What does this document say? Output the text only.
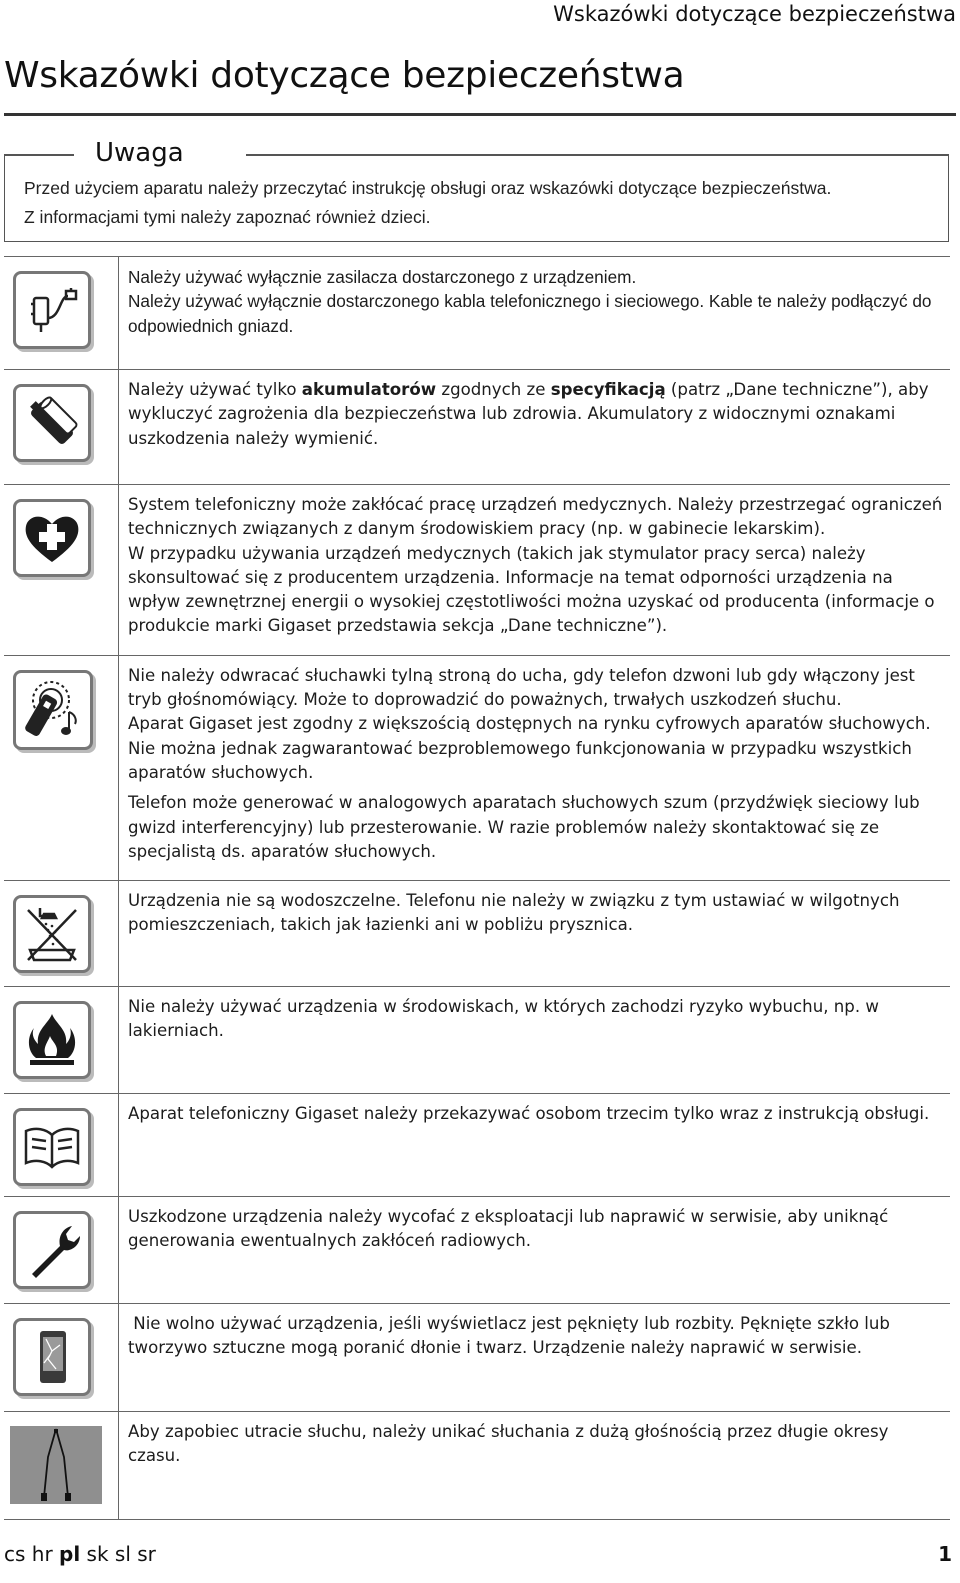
Wskazówki dotyczące bezpieczeństwa
Wskazówki dotyczące bezpieczeństwa
Uwaga

Przed użyciem aparatu należy przeczytać instrukcję obsługi oraz wskazówki dotyczące bezpieczeństwa.

Z informacjami tymi należy zapoznać również dzieci.

Należy używać wyłącznie zasilacza dostarczonego z urządzeniem.

Należy używać wyłącznie dostarczonego kabla telefonicznego i sieciowego. Kable te należy podłączyć do odpowiednich gniazd.

Należy używać tylko akumulatorów zgodnych ze specyfikacją (patrz „Dane techniczne”), aby wykluczyć zagrożenia dla bezpieczeństwa lub zdrowia. Akumulatory z widocznymi oznakami uszkodzenia należy wymienić.

System telefoniczny może zakłócać pracę urządzeń medycznych. Należy przestrzegać ograniczeń technicznych związanych z danym środowiskiem pracy (np. w gabinecie lekarskim).

W przypadku używania urządzeń medycznych (takich jak stymulator pracy serca) należy skonsultować się z producentem urządzenia. Informacje na temat odporności urządzenia na wpływ zewnętrznej energii o wysokiej częstotliwości można uzyskać od producenta (informacje o produkcie marki Gigaset przedstawia sekcja „Dane techniczne”).

Nie należy odwracać słuchawki tylną stroną do ucha, gdy telefon dzwoni lub gdy włączony jest tryb głośnomówiący. Może to doprowadzić do poważnych, trwałych uszkodzeń słuchu.

Aparat Gigaset jest zgodny z większością dostępnych na rynku cyfrowych aparatów słuchowych. Nie można jednak zagwarantować bezproblemowego funkcjonowania w przypadku wszystkich aparatów słuchowych.

Telefon może generować w analogowych aparatach słuchowych szum (przydźwięk sieciowy lub gwizd interferencyjny) lub przesterowanie. W razie problemów należy skontaktować się ze specjalistą ds. aparatów słuchowych.

Urządzenia nie są wodoszczelne. Telefonu nie należy w związku z tym ustawiać w wilgotnych pomieszczeniach, takich jak łazienki ani w pobliżu prysznica.

Nie należy używać urządzenia w środowiskach, w których zachodzi ryzyko wybuchu, np. w lakierniach.

Aparat telefoniczny Gigaset należy przekazywać osobom trzecim tylko wraz z instrukcją obsługi.

Uszkodzone urządzenia należy wycofać z eksploatacji lub naprawić w serwisie, aby uniknąć generowania ewentualnych zakłóceń radiowych.

Nie wolno używać urządzenia, jeśli wyświetlacz jest pęknięty lub rozbity. Pęknięte szkło lub tworzywo sztuczne mogą poranić dłonie i twarz. Urządzenie należy naprawić w serwisie.

Aby zapobiec utracie słuchu, należy unikać słuchania z dużą głośnością przez długie okresy czasu.

cs hr pl sk sl sr	1
